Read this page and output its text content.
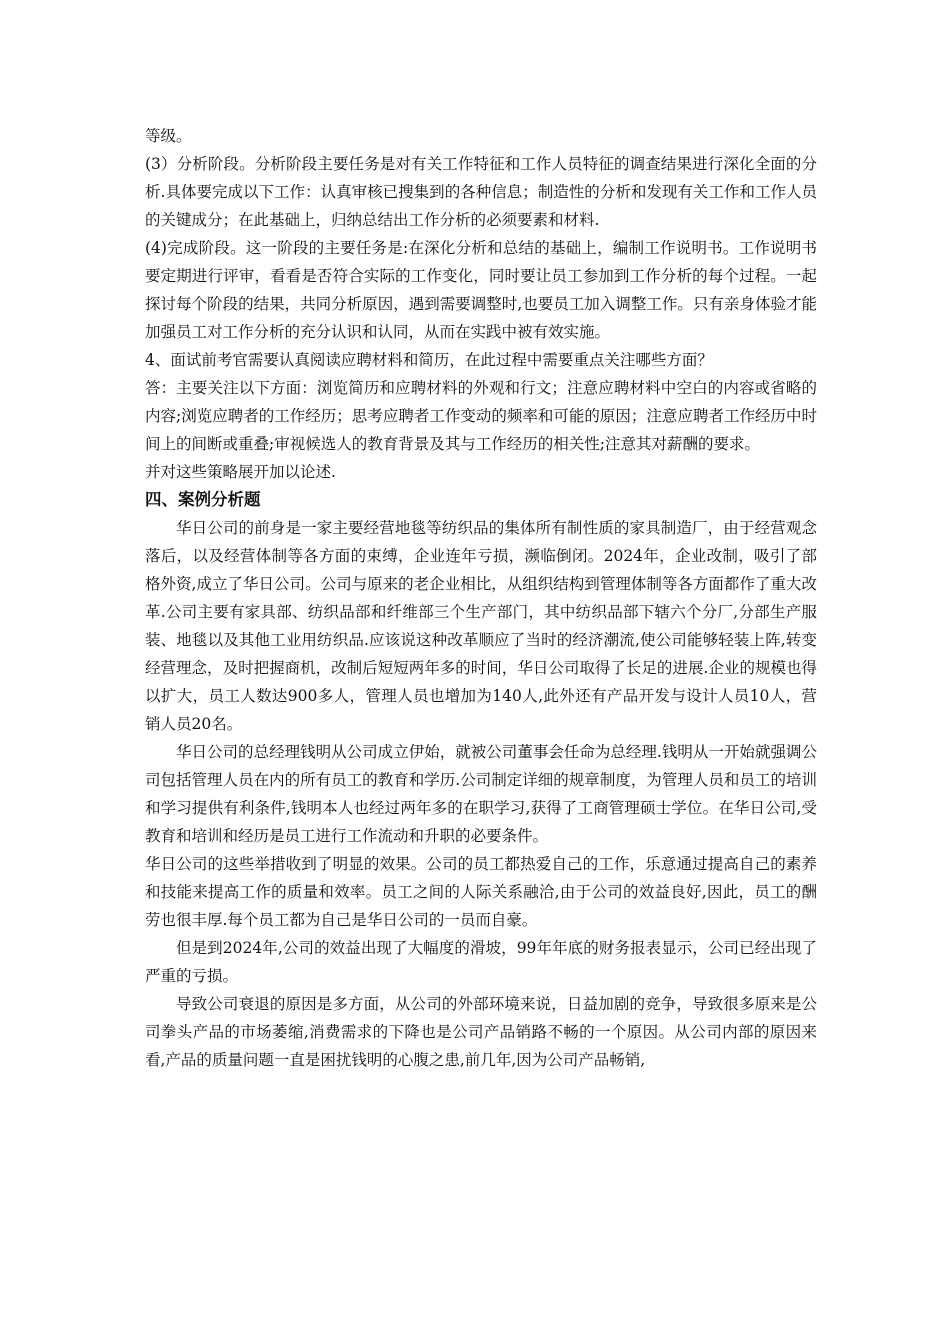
等级。

(3）分析阶段。分析阶段主要任务是对有关工作特征和工作人员特征的调查结果进行深化全面的分析.具体要完成以下工作：认真审核已搜集到的各种信息；制造性的分析和发现有关工作和工作人员的关键成分；在此基础上，归纳总结出工作分析的必须要素和材料.

(4)完成阶段。这一阶段的主要任务是:在深化分析和总结的基础上，编制工作说明书。工作说明书要定期进行评审，看看是否符合实际的工作变化，同时要让员工参加到工作分析的每个过程。一起探讨每个阶段的结果，共同分析原因，遇到需要调整时,也要员工加入调整工作。只有亲身体验才能加强员工对工作分析的充分认识和认同，从而在实践中被有效实施。

4、面试前考官需要认真阅读应聘材料和简历，在此过程中需要重点关注哪些方面？

答：主要关注以下方面：浏览简历和应聘材料的外观和行文；注意应聘材料中空白的内容或省略的内容;浏览应聘者的工作经历；思考应聘者工作变动的频率和可能的原因；注意应聘者工作经历中时间上的间断或重叠;审视候选人的教育背景及其与工作经历的相关性;注意其对薪酬的要求。

并对这些策略展开加以论述.

四、案例分析题

华日公司的前身是一家主要经营地毯等纺织品的集体所有制性质的家具制造厂，由于经营观念落后，以及经营体制等各方面的束缚，企业连年亏损，濒临倒闭。2024年，企业改制，吸引了部格外资,成立了华日公司。公司与原来的老企业相比，从组织结构到管理体制等各方面都作了重大改革.公司主要有家具部、纺织品部和纤维部三个生产部门，其中纺织品部下辖六个分厂,分部生产服装、地毯以及其他工业用纺织品.应该说这种改革顺应了当时的经济潮流,使公司能够轻装上阵,转变经营理念，及时把握商机，改制后短短两年多的时间，华日公司取得了长足的进展.企业的规模也得以扩大，员工人数达900多人，管理人员也增加为140人,此外还有产品开发与设计人员10人，营销人员20名。

华日公司的总经理钱明从公司成立伊始，就被公司董事会任命为总经理.钱明从一开始就强调公司包括管理人员在内的所有员工的教育和学历.公司制定详细的规章制度，为管理人员和员工的培训和学习提供有利条件,钱明本人也经过两年多的在职学习,获得了工商管理硕士学位。在华日公司,受教育和培训和经历是员工进行工作流动和升职的必要条件。

华日公司的这些举措收到了明显的效果。公司的员工都热爱自己的工作，乐意通过提高自己的素养和技能来提高工作的质量和效率。员工之间的人际关系融洽,由于公司的效益良好,因此，员工的酬劳也很丰厚.每个员工都为自己是华日公司的一员而自豪。

但是到2024年,公司的效益出现了大幅度的滑坡，99年年底的财务报表显示，公司已经出现了严重的亏损。

导致公司衰退的原因是多方面，从公司的外部环境来说，日益加剧的竞争，导致很多原来是公司拳头产品的市场萎缩,消费需求的下降也是公司产品销路不畅的一个原因。从公司内部的原因来看,产品的质量问题一直是困扰钱明的心腹之患,前几年,因为公司产品畅销,
